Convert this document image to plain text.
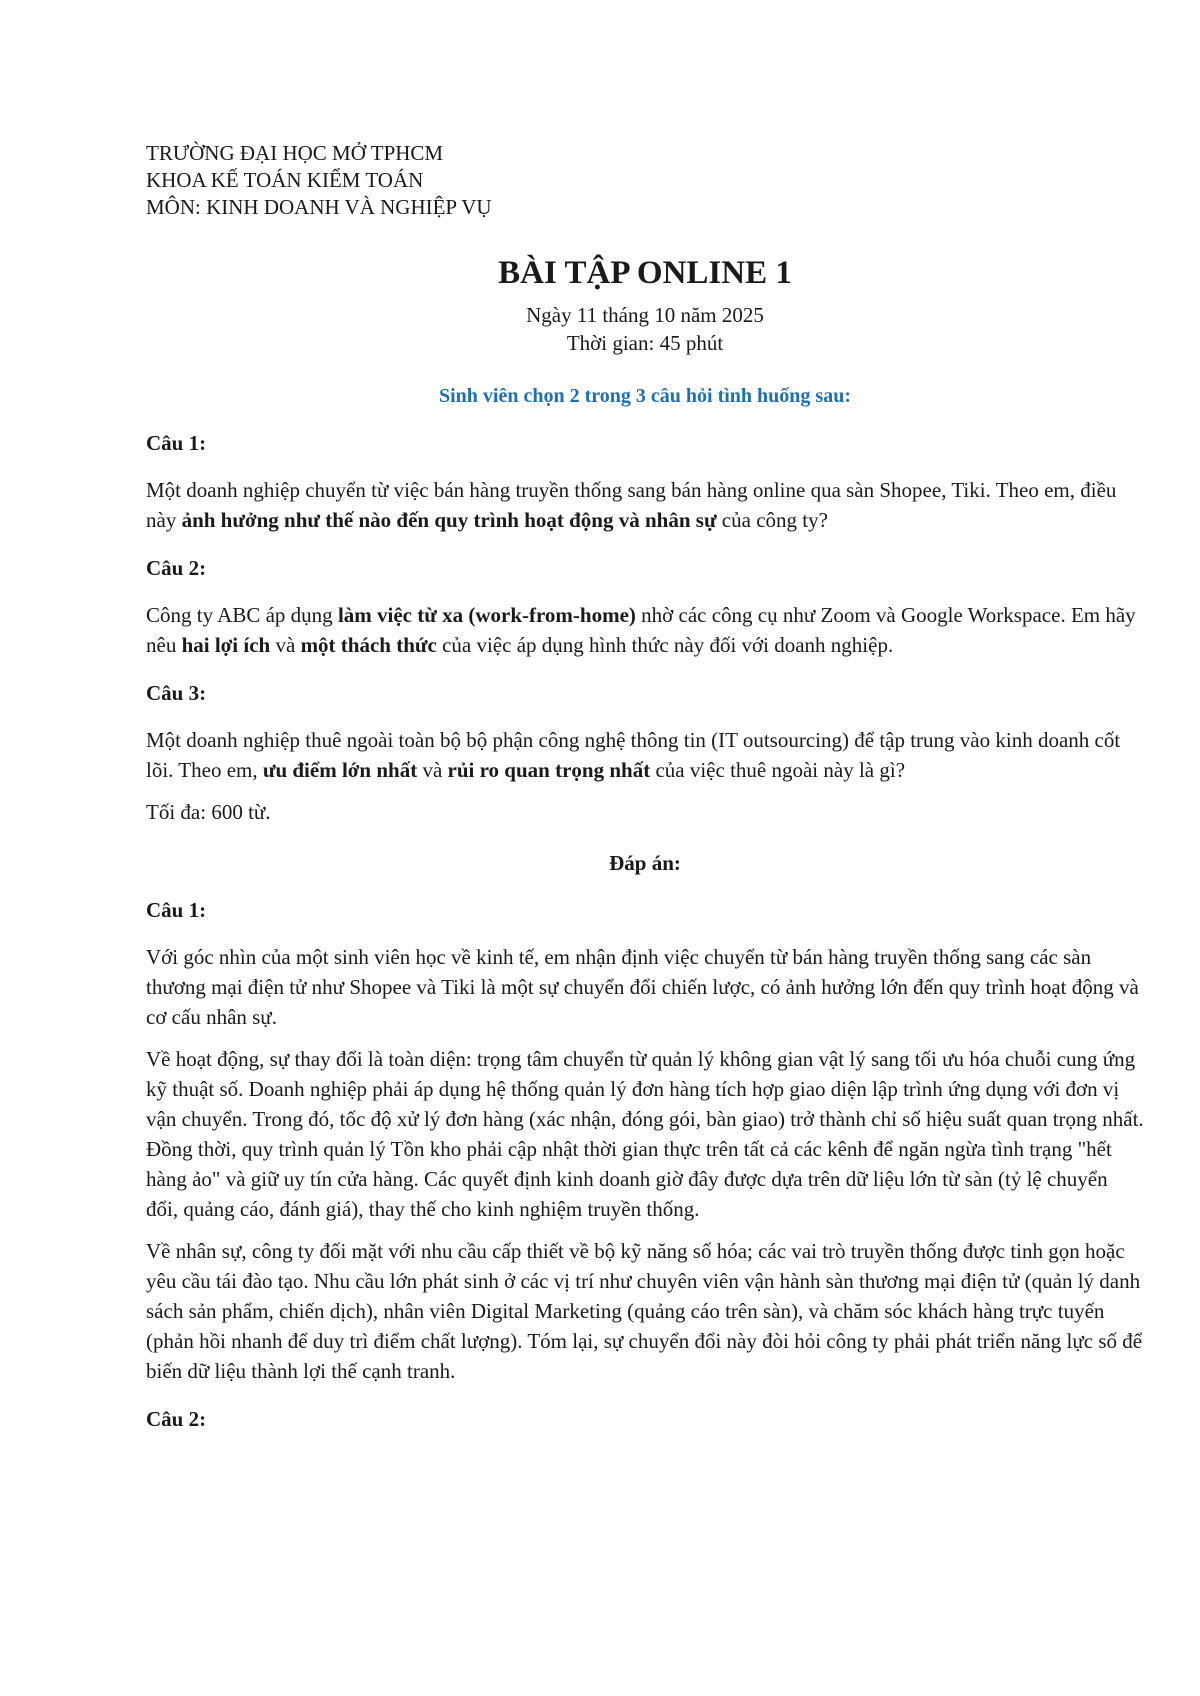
TRƯỜNG ĐẠI HỌC MỞ TPHCM

KHOA KẾ TOÁN KIỂM TOÁN

MÔN: KINH DOANH VÀ NGHIỆP VỤ

BÀI TẬP ONLINE 1

Ngày 11 tháng 10 năm 2025

Thời gian: 45 phút

Sinh viên chọn 2 trong 3 câu hỏi tình huống sau:

Câu 1:

Một doanh nghiệp chuyển từ việc bán hàng truyền thống sang bán hàng online qua sàn Shopee, Tiki. Theo em, điều này ảnh hưởng như thế nào đến quy trình hoạt động và nhân sự của công ty?

Câu 2:

Công ty ABC áp dụng làm việc từ xa (work-from-home) nhờ các công cụ như Zoom và Google Workspace. Em hãy nêu hai lợi ích và một thách thức của việc áp dụng hình thức này đối với doanh nghiệp.

Câu 3:

Một doanh nghiệp thuê ngoài toàn bộ bộ phận công nghệ thông tin (IT outsourcing) để tập trung vào kinh doanh cốt lõi. Theo em, ưu điểm lớn nhất và rủi ro quan trọng nhất của việc thuê ngoài này là gì?

Tối đa: 600 từ.

Đáp án:

Câu 1:

Với góc nhìn của một sinh viên học về kinh tế, em nhận định việc chuyển từ bán hàng truyền thống sang các sàn thương mại điện tử như Shopee và Tiki là một sự chuyển đổi chiến lược, có ảnh hưởng lớn đến quy trình hoạt động và cơ cấu nhân sự.

Về hoạt động, sự thay đổi là toàn diện: trọng tâm chuyển từ quản lý không gian vật lý sang tối ưu hóa chuỗi cung ứng kỹ thuật số. Doanh nghiệp phải áp dụng hệ thống quản lý đơn hàng tích hợp giao diện lập trình ứng dụng với đơn vị vận chuyển. Trong đó, tốc độ xử lý đơn hàng (xác nhận, đóng gói, bàn giao) trở thành chỉ số hiệu suất quan trọng nhất. Đồng thời, quy trình quản lý Tồn kho phải cập nhật thời gian thực trên tất cả các kênh để ngăn ngừa tình trạng "hết hàng ảo" và giữ uy tín cửa hàng. Các quyết định kinh doanh giờ đây được dựa trên dữ liệu lớn từ sàn (tỷ lệ chuyển đổi, quảng cáo, đánh giá), thay thế cho kinh nghiệm truyền thống.

Về nhân sự, công ty đối mặt với nhu cầu cấp thiết về bộ kỹ năng số hóa; các vai trò truyền thống được tinh gọn hoặc yêu cầu tái đào tạo. Nhu cầu lớn phát sinh ở các vị trí như chuyên viên vận hành sàn thương mại điện tử (quản lý danh sách sản phẩm, chiến dịch), nhân viên Digital Marketing (quảng cáo trên sàn), và chăm sóc khách hàng trực tuyến (phản hồi nhanh để duy trì điểm chất lượng). Tóm lại, sự chuyển đổi này đòi hỏi công ty phải phát triển năng lực số để biến dữ liệu thành lợi thế cạnh tranh.

Câu 2:
